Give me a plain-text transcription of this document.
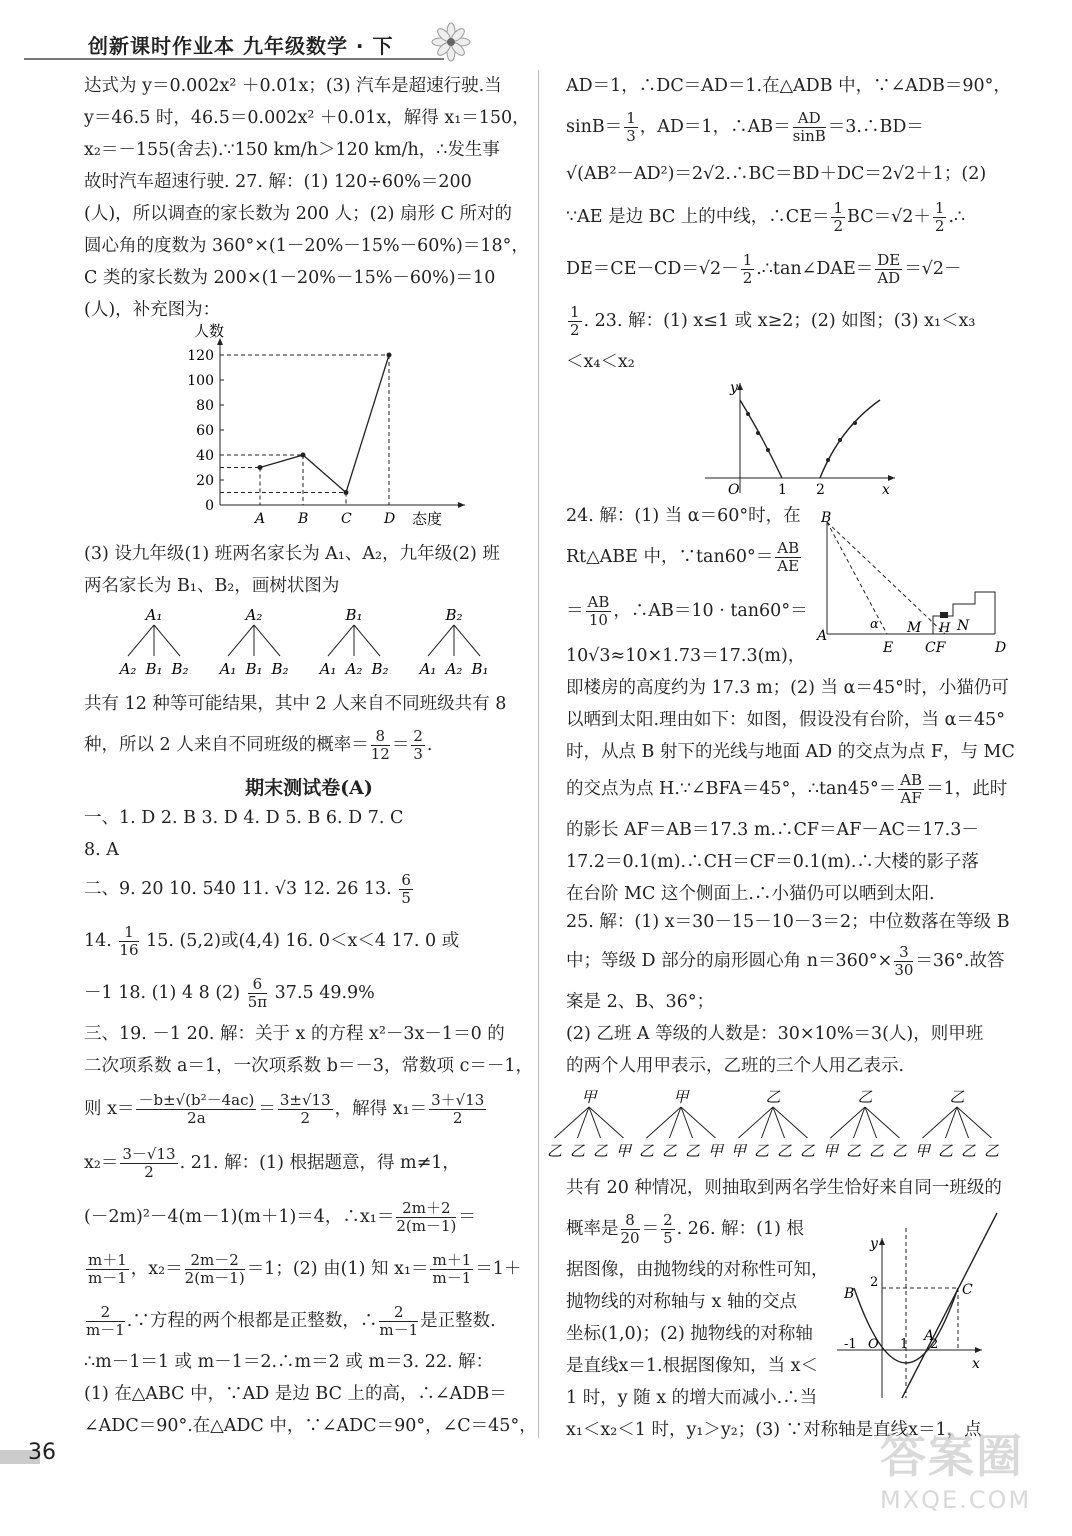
创新课时作业本 九年级数学 · 下
达式为 y＝0.002x² ＋0.01x；(3) 汽车是超速行驶.当
y＝46.5 时，46.5＝0.002x² ＋0.01x，解得 x₁＝150，
x₂＝－155(舍去).∵150 km/h＞120 km/h，∴发生事
故时汽车超速行驶. 27. 解：(1) 120÷60%＝200
(人)，所以调查的家长数为 200 人；(2) 扇形 C 所对的
圆心角的度数为 360°×(1－20%－15%－60%)＝18°，
C 类的家长数为 200×(1－20%－15%－60%)＝10
(人)，补充图为：
人数
态度
0
20
40
60
80
100
120
A B C D
(3) 设九年级(1) 班两名家长为 A₁、A₂，九年级(2) 班
两名家长为 B₁、B₂，画树状图为
A₁
A₂ B₁ B₂
A₂
A₁ B₁ B₂
B₁
A₁ A₂ B₂
B₂
A₁ A₂ B₁
共有 12 种等可能结果，其中 2 人来自不同班级共有 8
种，所以 2 人来自不同班级的概率＝ $\frac{8}{12} = \frac{2}{3}$ .
期末测试卷(A)
一、1. D 2. B 3. D 4. D 5. B 6. D 7. C
8. A
二、9. 20 10. 540 11. √3 12. 26 13. $\frac{6}{5}$
14. $\frac{1}{16} 15$. (5,2)或(4,4) 16. 0＜x＜4 17. 0 或
－1 18. (1) 4 8 $(2) \frac{6}{5\pi} 37.5$ 49.9%
三、19. －1 20. 解：关于 x 的方程 x²－3x－1＝0 的
二次项系数 a＝1，一次项系数 b＝－3，常数项 c＝－1，
则 $x= \frac{\text{－b±√(b²－4ac)}}{2a} = \frac{3\pm√13}{2}$ ，解得 $x_1= \frac{3+√13}{2}$
$x_2= \frac{3-√13}{2}$ . 21. 解：(1) 根据题意，得 m≠1，
(－2m)²－4(m－1)(m＋1)＝4，∴x₁＝ $\frac{2m+2}{2(m-1)}$ ＝
$\frac{m+1}{m-1}$ ，$x_2= \frac{2m-2}{2(m-1)} =1$；(2) 由(1) 知 $x_1= \frac{m+1}{m-1} =1+$
$\frac{2}{m-1}$ .∵方程的两个根都是正整数，∴ $\frac{2}{m-1}$ 是正整数.
∴m－1＝1 或 m－1＝2.∴m＝2 或 m＝3. 22. 解：
(1) 在△ABC 中，∵AD 是边 BC 上的高，∴∠ADB＝
∠ADC＝90°.在△ADC 中，∵∠ADC＝90°，∠C＝45°，
AD＝1，∴DC＝AD＝1.在△ADB 中，∵∠ADB＝90°，
$\sin B= \frac{1}{3}$ ，AD＝1，∴AB＝ $\frac{AD}{\sin B}$ ＝3.∴BD＝
√(AB²－AD²)＝2√2.∴BC＝BD＋DC＝2√2＋1；(2)
∵AE 是边 BC 上的中线，∴CE＝ $\frac{1}{2} BC=√2+ \frac{1}{2}$ .∴
$DE=CE-CD=√2- \frac{1}{2}$ .∴tan∠DAE＝ $\frac{DE}{AD} =√2-$
$\frac{1}{2}$ . 23. 解：(1) x≤1 或 x≥2；(2) 如图；(3) x₁＜x₃
＜x₄＜x₂
y
x
O	1 2
24. 解：(1) 当 α＝60°时，在
Rt△ABE 中，∵tan60°＝ $\frac{AB}{AE}$
＝ $\frac{AB}{10}$ ，∴AB＝10 · tan60°＝
10√3≈10×1.73＝17.3(m)，
B
A
E
α M H
CF
N
D
即楼房的高度约为 17.3 m；(2) 当 α＝45°时，小猫仍可
以晒到太阳.理由如下：如图，假设没有台阶，当 α＝45°
时，从点 B 射下的光线与地面 AD 的交点为点 F，与 MC
的交点为点 H.∵∠BFA＝45°，∴tan45°＝ $\frac{AB}{AF} =1$，此时
的影长 AF＝AB＝17.3 m.∴CF＝AF－AC＝17.3－
17.2＝0.1(m).∴CH＝CF＝0.1(m).∴大楼的影子落
在台阶 MC 这个侧面上.∴小猫仍可以晒到太阳.
25. 解：(1) x＝30－15－10－3＝2；中位数落在等级 B
中；等级 D 部分的扇形圆心角 $n=360^\circ\times \frac{3}{30} =36^\circ$.故答
案是 2、B、36°；
(2) 乙班 A 等级的人数是：30×10%＝3(人)，则甲班
的两个人用甲表示，乙班的三个人用乙表示.
甲
乙 乙 乙 甲
甲
乙 乙 乙 甲
乙
甲 乙 乙 乙
乙
甲 乙 乙 乙
乙
甲 乙 乙 乙
共有 20 种情况，则抽取到两名学生恰好来自同一班级的
概率是 $\frac{8}{20} = \frac{2}{5}$ . 26. 解：(1) 根
据图像，由抛物线的对称性可知，
抛物线的对称轴与 x 轴的交点
坐标(1,0)；(2) 抛物线的对称轴
是直线x＝1.根据图像知，当 x＜
1 时，y 随 x 的增大而减小.∴当
x₁＜x₂＜1 时，y₁＞y₂；(3) ∵对称轴是直线x＝1，点
y
x
2
B	C
A
-1 O 1 2
36	答案圈
MXQE.COM
